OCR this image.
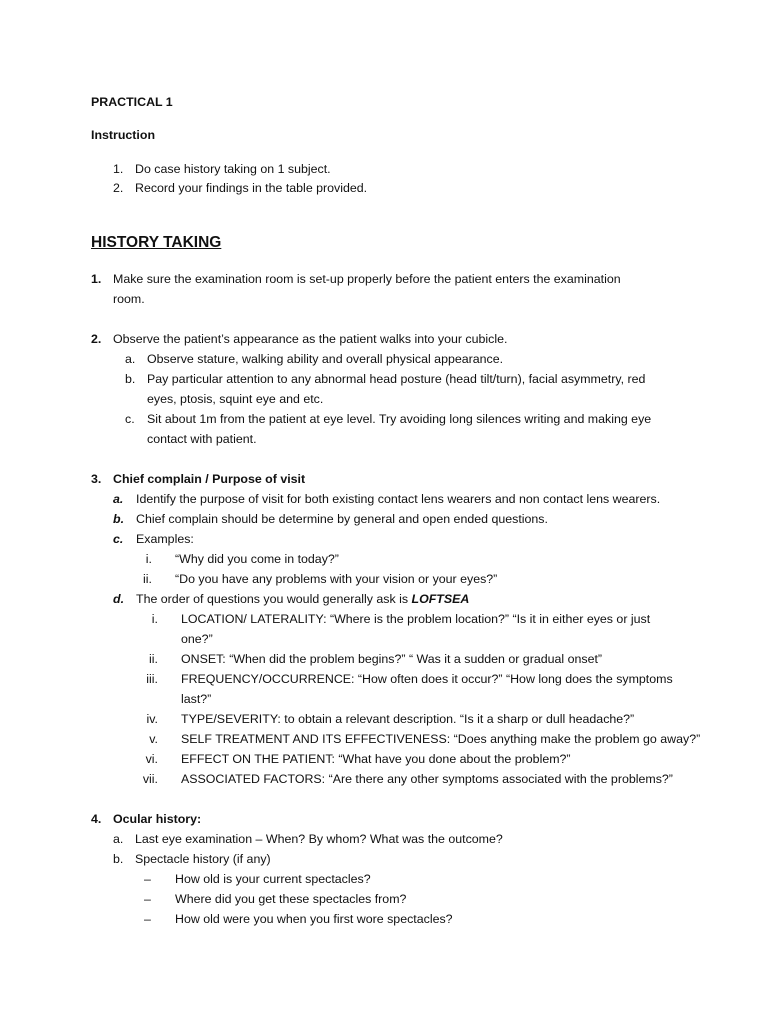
PRACTICAL 1
Instruction
1. Do case history taking on 1 subject.
2. Record your findings in the table provided.
HISTORY TAKING
1. Make sure the examination room is set-up properly before the patient enters the examination
room.
2. Observe the patient’s appearance as the patient walks into your cubicle.
a. Observe stature, walking ability and overall physical appearance.
b. Pay particular attention to any abnormal head posture (head tilt/turn), facial asymmetry, red
eyes, ptosis, squint eye and etc.
c. Sit about 1m from the patient at eye level. Try avoiding long silences writing and making eye
contact with patient.
3. Chief complain / Purpose of visit
a. Identify the purpose of visit for both existing contact lens wearers and non contact lens wearers.
b. Chief complain should be determine by general and open ended questions.
c. Examples:
i. “Why did you come in today?”
ii. “Do you have any problems with your vision or your eyes?”
d. The order of questions you would generally ask is LOFTSEA
i. LOCATION/ LATERALITY: “Where is the problem location?” “Is it in either eyes or just
one?”
ii. ONSET: “When did the problem begins?” “ Was it a sudden or gradual onset”
iii. FREQUENCY/OCCURRENCE: “How often does it occur?” “How long does the symptoms
last?”
iv. TYPE/SEVERITY: to obtain a relevant description. “Is it a sharp or dull headache?”
v. SELF TREATMENT AND ITS EFFECTIVENESS: “Does anything make the problem go away?”
vi. EFFECT ON THE PATIENT: “What have you done about the problem?”
vii. ASSOCIATED FACTORS: “Are there any other symptoms associated with the problems?”
4. Ocular history:
a. Last eye examination – When? By whom? What was the outcome?
b. Spectacle history (if any)
– How old is your current spectacles?
– Where did you get these spectacles from?
– How old were you when you first wore spectacles?
